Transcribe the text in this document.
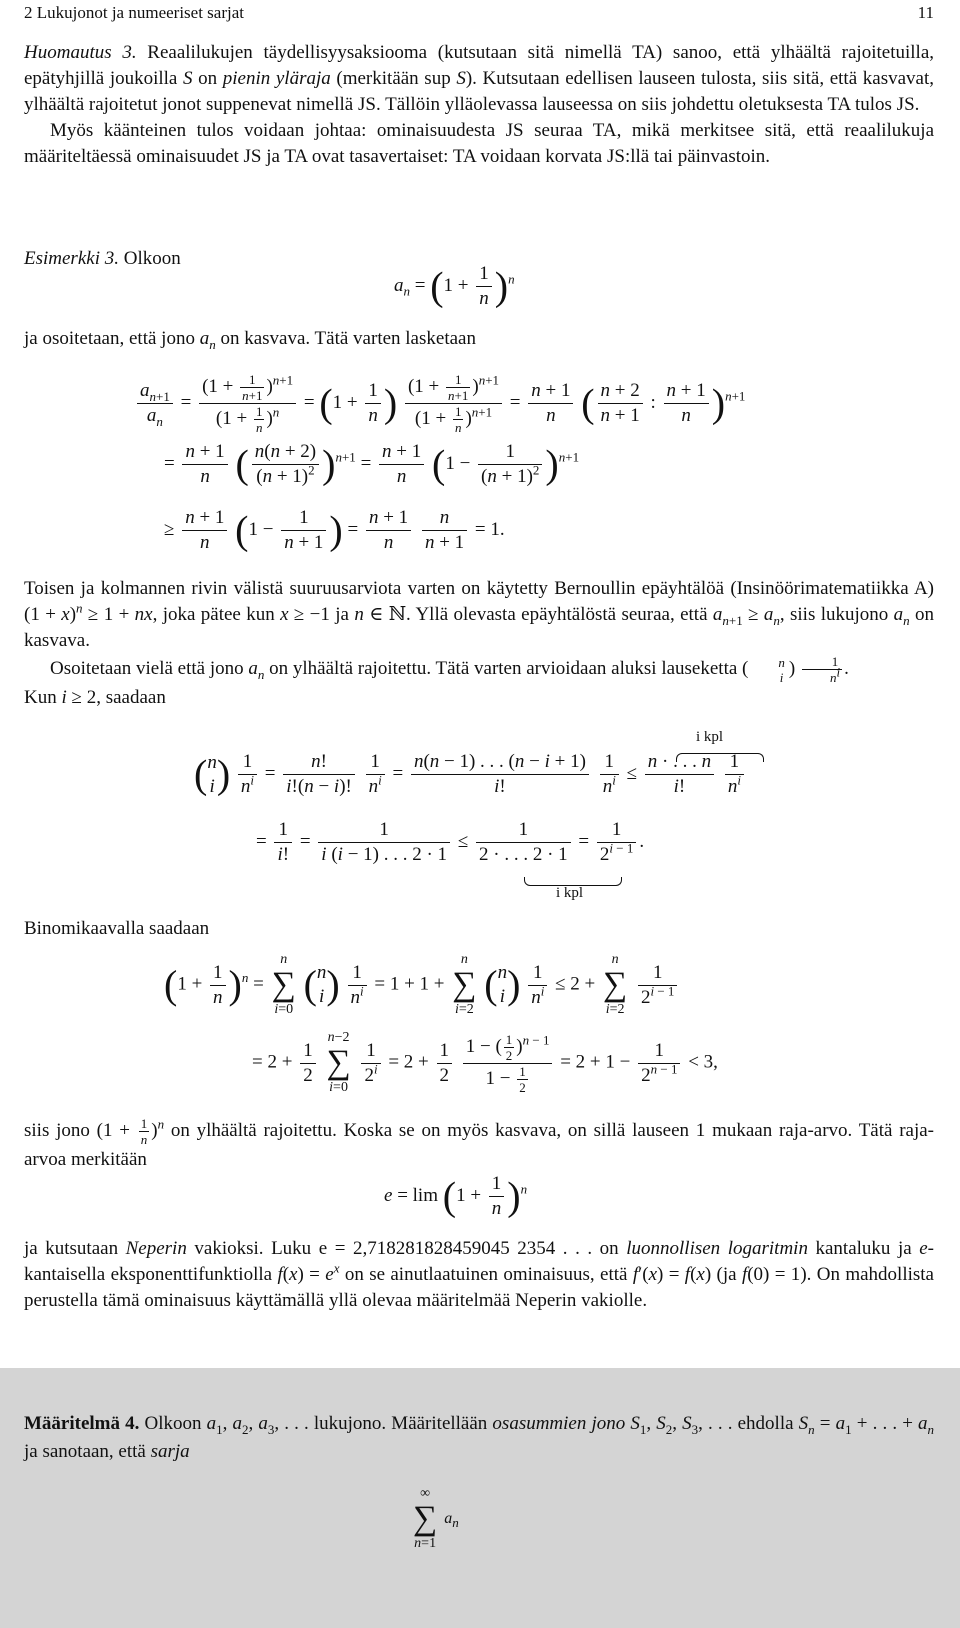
2 Lukujonot ja numeeriset sarjat	11

Huomautus 3. Reaalilukujen täydellisyysaksiooma (kutsutaan sitä nimellä TA) sanoo, että ylhäältä rajoitetuilla, epätyhjillä joukoilla S on pienin yläraja (merkitään sup S). Kutsutaan edellisen lauseen tulosta, siis sitä, että kasvavat, ylhäältä rajoitetut jonot suppenevat nimellä JS. Tällöin ylläolevassa lauseessa on siis johdettu oletuksesta TA tulos JS.

Myös käänteinen tulos voidaan johtaa: ominaisuudesta JS seuraa TA, mikä merkitsee sitä, että reaalilukuja määriteltäessä ominaisuudet JS ja TA ovat tasavertaiset: TA voidaan korvata JS:llä tai päinvastoin.

Esimerkki 3. Olkoon

$a_n = (1 + \frac{1}{n} )^n$

ja osoitetaan, että jono $a_n$ on kasvava. Tätä varten lasketaan

$\frac{a_{n+1}}{a_n} = \frac{(1 + \frac{1}{n+1} )^{n+1}}{(1 + \frac{1}{n} )^n} = (1 + \frac{1}{n}$ ) $\frac{(1 + \frac{1}{n+1} )^{n+1}}{(1 + \frac{1}{n} )^{n+1}} = \frac{n + 1}{n}$ ( $\frac{n + 2}{n + 1}$ : $\frac{n + 1}{n} )^{n+1}$
= $\frac{n + 1}{n}$ ( $\frac{n(n + 2)}{(n + 1)^2} )^{n+1} = \frac{n + 1}{n} (1 - \frac{1}{(n + 1)^2} )^{n+1}$
≥ $\frac{n + 1}{n} (1 - \frac{1}{n + 1}$ ) = $\frac{n + 1}{n}$
$\frac{n}{n + 1} = 1$.

Toisen ja kolmannen rivin välistä suuruusarviota varten on käytetty Bernoullin epäyhtälöä (Insinöörimatematiikka A) $(1 + x)^n \ge 1$ + nx, joka pätee kun x ≥ −1 ja n ∈ ℕ. Yllä olevasta epäyhtälöstä seuraa, että $a_{n+1} \ge a_n$, siis lukujono $a_n$ on kasvava.

Osoitetaan vielä että jono $a_n$ on ylhäältä rajoitettu. Tätä varten arvioidaan aluksi lauseketta (	n
i ) $\frac{1}{n^i}$ .

Kun i ≥ 2, saadaan

i kpl
( n
i ) $\frac{1}{n^i} = \frac{n!}{i!(n - i)!}$
$\frac{1}{n^i} = \frac{n(n - 1) . . . (n - i + 1)}{i!}$
$\frac{1}{n^i} \le \frac{n \cdot . . . n}{i!}$
$\frac{1}{n^i}$
= $\frac{1}{i!} = \frac{1}{i (i - 1) . . . 2 \cdot 1} \le \frac{1}{2 \cdot . . . 2 \cdot 1} = \frac{1}{2^{i - 1}}$ .
i kpl

Binomikaavalla saadaan

$(1 + \frac{1}{n} )^n$ =
n
∑
i=0
( n
i ) $\frac{1}{n^i} = 1 + 1$ +
n
∑
i=2
( n
i ) $\frac{1}{n^i} \le 2$ +
n
∑
i=2
$\frac{1}{2^{i - 1}}$
= $2 + \frac{1}{2}$

n−2
∑
i=0
$\frac{1}{2^i} = 2 + \frac{1}{2}$
$\frac{1 - ( \frac{1}{2} )^{n - 1}}{1 - \frac{1}{2}} = 2 + 1 - \frac{1}{2^{n - 1}} < 3$,

siis jono $(1 + \frac{1}{n} )^n$ on ylhäältä rajoitettu. Koska se on myös kasvava, on sillä lauseen 1 mukaan raja-arvo. Tätä raja-arvoa merkitään

$e = \lim (1 + \frac{1}{n} )^n$

ja kutsutaan Neperin vakioksi. Luku e = 2,718281828459045 2354 . . . on luonnollisen logaritmin kantaluku ja e-kantaisella eksponenttifunktiolla $f(x) = e^x$ on se ainutlaatuinen ominaisuus, että f′(x) = f(x) (ja f(0) = 1). On mahdollista perustella tämä ominaisuus käyttämällä yllä olevaa määritelmää Neperin vakiolle.

Määritelmä 4. Olkoon $a_1$, $a_2$, $a_3$, . . . lukujono. Määritellään osasummien jono $S_1$, $S_2$, $S_3$, . . . ehdolla $S_n = a_1$ + . . . + $a_n$ ja sanotaan, että sarja

∞
∑
n=1
$a_n$
